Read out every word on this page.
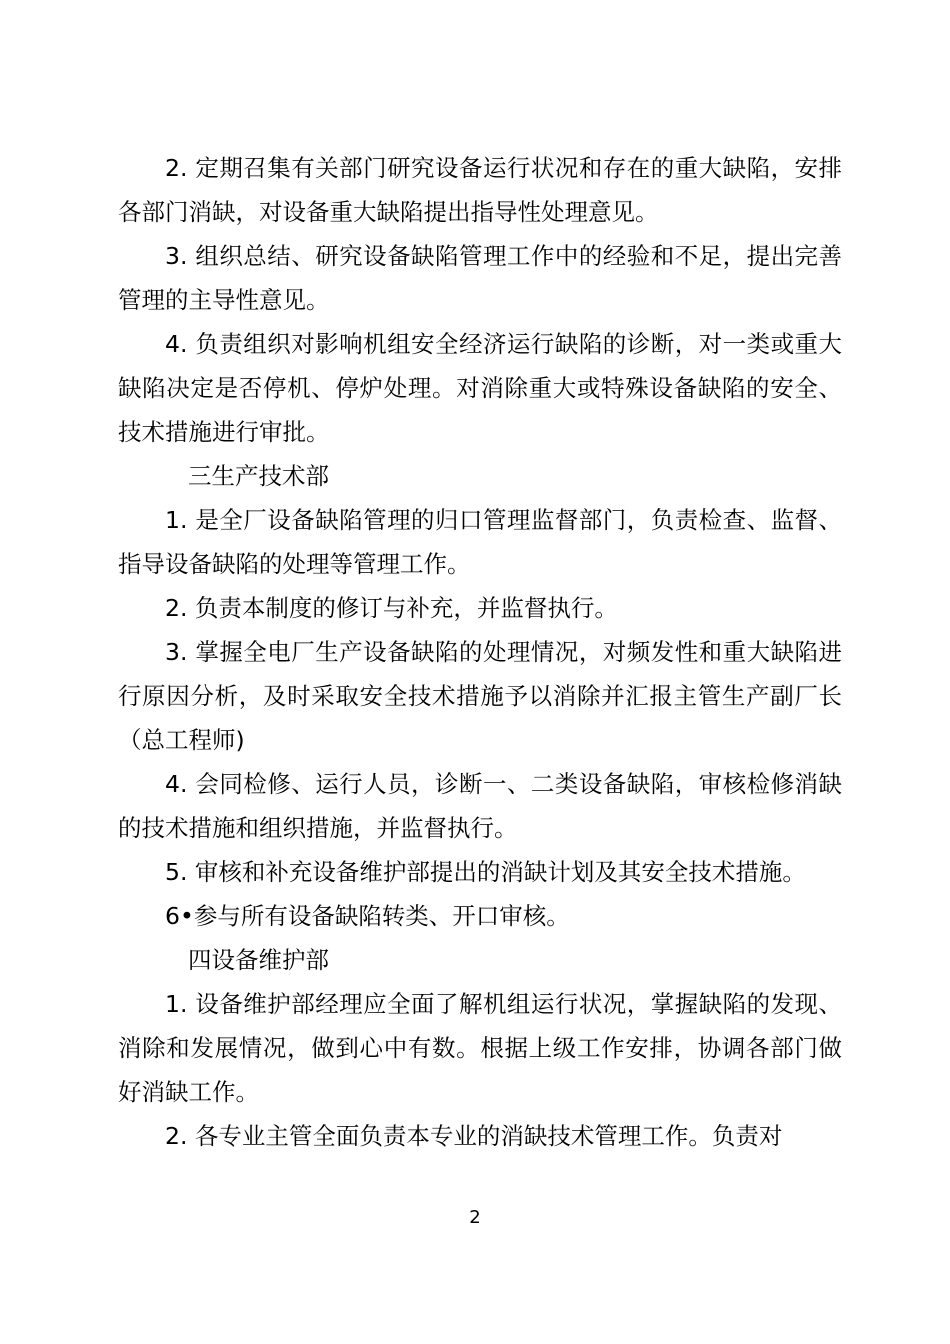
2. 定期召集有关部门研究设备运行状况和存在的重大缺陷，安排各部门消缺，对设备重大缺陷提出指导性处理意见。

3. 组织总结、研究设备缺陷管理工作中的经验和不足，提出完善管理的主导性意见。

4. 负责组织对影响机组安全经济运行缺陷的诊断，对一类或重大缺陷决定是否停机、停炉处理。对消除重大或特殊设备缺陷的安全、技术措施进行审批。

三生产技术部

1. 是全厂设备缺陷管理的归口管理监督部门，负责检查、监督、指导设备缺陷的处理等管理工作。

2. 负责本制度的修订与补充，并监督执行。

3. 掌握全电厂生产设备缺陷的处理情况，对频发性和重大缺陷进行原因分析，及时采取安全技术措施予以消除并汇报主管生产副厂长（总工程师)

4. 会同检修、运行人员，诊断一、二类设备缺陷，审核检修消缺的技术措施和组织措施，并监督执行。

5. 审核和补充设备维护部提出的消缺计划及其安全技术措施。

6•参与所有设备缺陷转类、开口审核。

四设备维护部

1. 设备维护部经理应全面了解机组运行状况，掌握缺陷的发现、消除和发展情况，做到心中有数。根据上级工作安排，协调各部门做好消缺工作。

2. 各专业主管全面负责本专业的消缺技术管理工作。负责对

2
